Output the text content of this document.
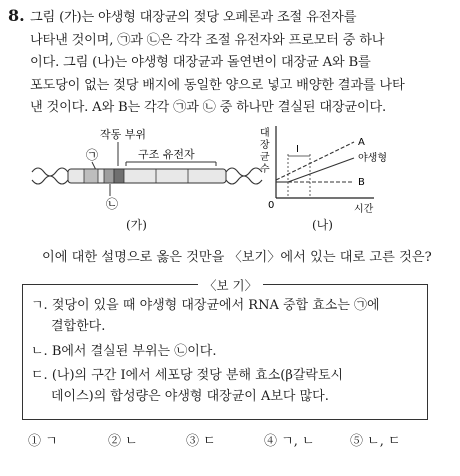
8. 그림 (가)는 야생형 대장균의 젖당 오페론과 조절 유전자를
나타낸 것이며, ㉠과 ㉡은 각각 조절 유전자와 프로모터 중 하나
이다. 그림 (나)는 야생형 대장균과 돌연변이 대장균 A와 B를
포도당이 없는 젖당 배지에 동일한 양으로 넣고 배양한 결과를 나타
낸 것이다. A와 B는 각각 ㉠과 ㉡ 중 하나만 결실된 대장균이다.
작동 부위
구조 유전자
㉠
㉡
(가)
대
장
균
수
0	시간
I
A
야생형
B
(나)
이에 대한 설명으로 옳은 것만을 〈보기〉에서 있는 대로 고른 것은?
〈보 기〉
ㄱ. 젖당이 있을 때 야생형 대장균에서 RNA 중합 효소는 ㉠에
결합한다.
ㄴ. B에서 결실된 부위는 ㉡이다.
ㄷ. (나)의 구간 Ⅰ에서 세포당 젖당 분해 효소(β갈락토시
데이스)의 합성량은 야생형 대장균이 A보다 많다.
① ㄱ	② ㄴ	③ ㄷ	④ ㄱ, ㄴ	⑤ ㄴ, ㄷ
